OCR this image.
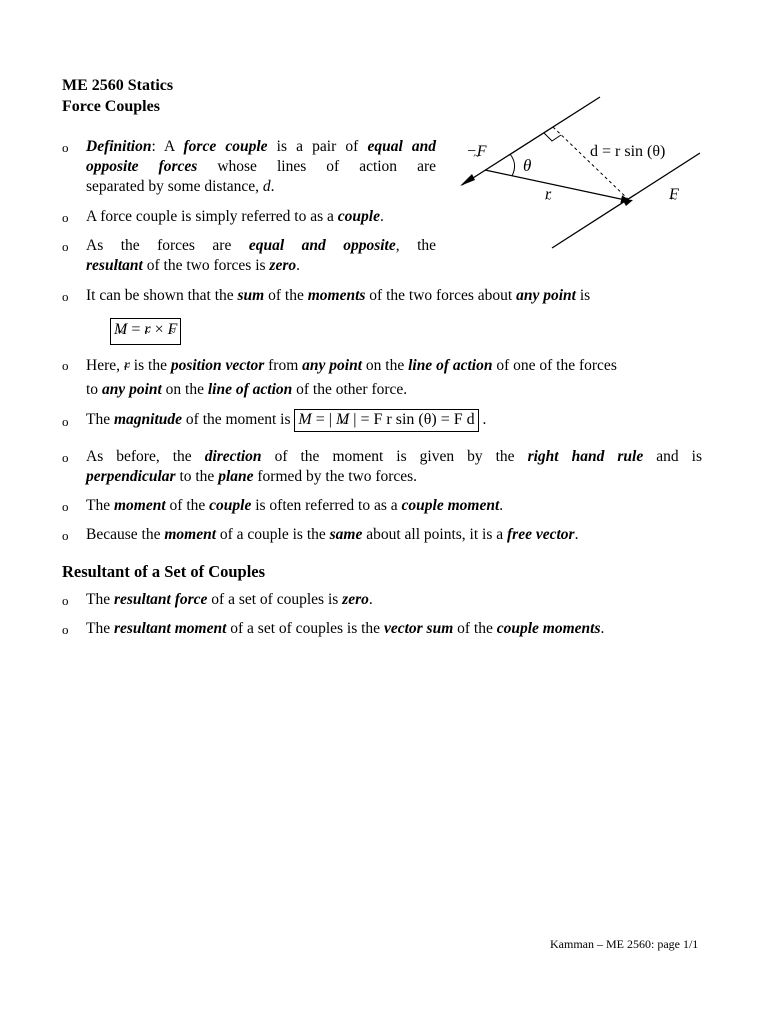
ME 2560 Statics
Force Couples
o Definition: A force couple is a pair of equal and
opposite forces whose lines of action are
separated by some distance, d.
o A force couple is simply referred to as a couple.
o As the forces are equal and opposite, the
resultant of the two forces is zero.
−F ~
θ
d = r sin (θ)
r ~	F ~
o It can be shown that the sum of the moments of the two forces about any point is
M ~ = r ~ × F ~
o Here, r ~ is the position vector from any point on the line of action of one of the forces
to any point on the line of action of the other force.
o The magnitude of the moment is M = | M ~ | = F r sin (θ) = F d .
o As before, the direction of the moment is given by the right hand rule and is
perpendicular to the plane formed by the two forces.
o The moment of the couple is often referred to as a couple moment.
o Because the moment of a couple is the same about all points, it is a free vector.
Resultant of a Set of Couples
o The resultant force of a set of couples is zero.
o The resultant moment of a set of couples is the vector sum of the couple moments.
Kamman – ME 2560: page 1/1
